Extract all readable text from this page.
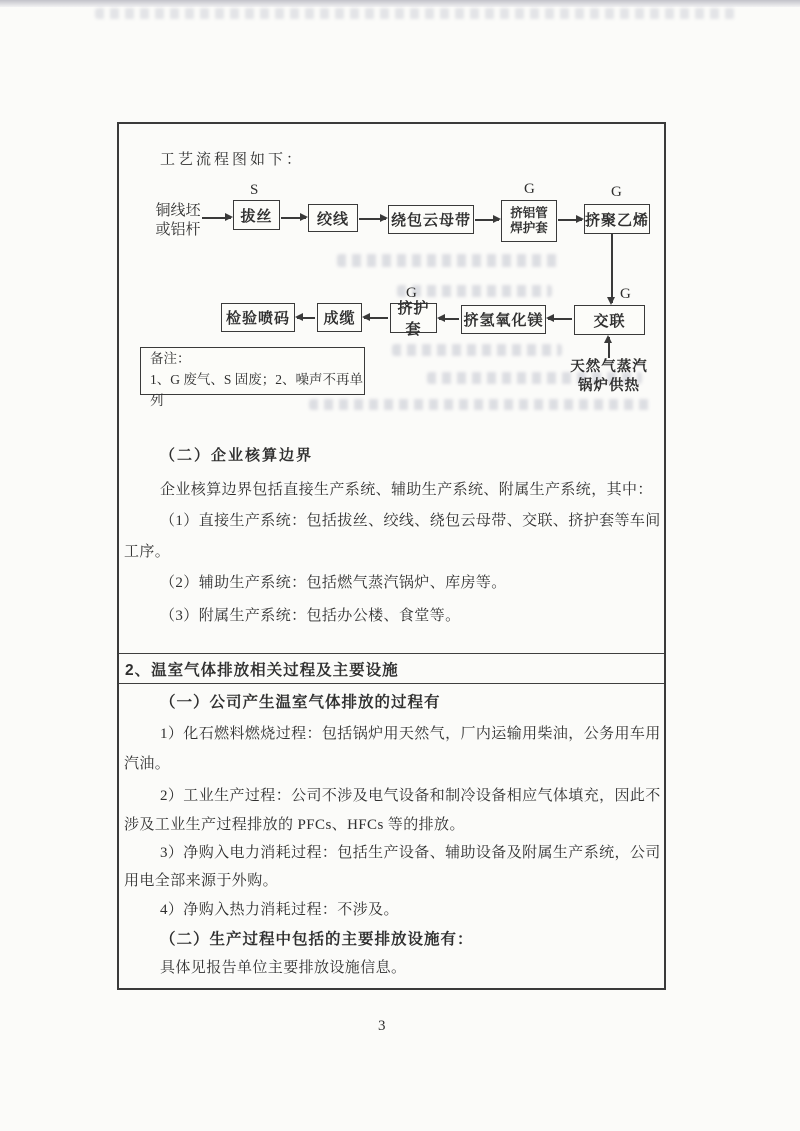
工艺流程图如下：
铜线坯
或铝杆
拔丝	绞线	绕包云母带
挤铝管
焊护套 挤聚乙烯
S	G	G
G
检验喷码 成缆
挤护套
挤氢氧化镁	交联
G
天然气蒸汽
锅炉供热
备注：
1、G 废气、S 固废；2、噪声不再单列
（二）企业核算边界
企业核算边界包括直接生产系统、辅助生产系统、附属生产系统，其中：
（1）直接生产系统：包括拔丝、绞线、绕包云母带、交联、挤护套等车间
工序。
（2）辅助生产系统：包括燃气蒸汽锅炉、库房等。
（3）附属生产系统：包括办公楼、食堂等。
2、温室气体排放相关过程及主要设施
（一）公司产生温室气体排放的过程有
1）化石燃料燃烧过程：包括锅炉用天然气，厂内运输用柴油，公务用车用
汽油。
2）工业生产过程：公司不涉及电气设备和制冷设备相应气体填充，因此不
涉及工业生产过程排放的 PFCs、HFCs 等的排放。
3）净购入电力消耗过程：包括生产设备、辅助设备及附属生产系统，公司
用电全部来源于外购。
4）净购入热力消耗过程：不涉及。
（二）生产过程中包括的主要排放设施有：
具体见报告单位主要排放设施信息。
3
